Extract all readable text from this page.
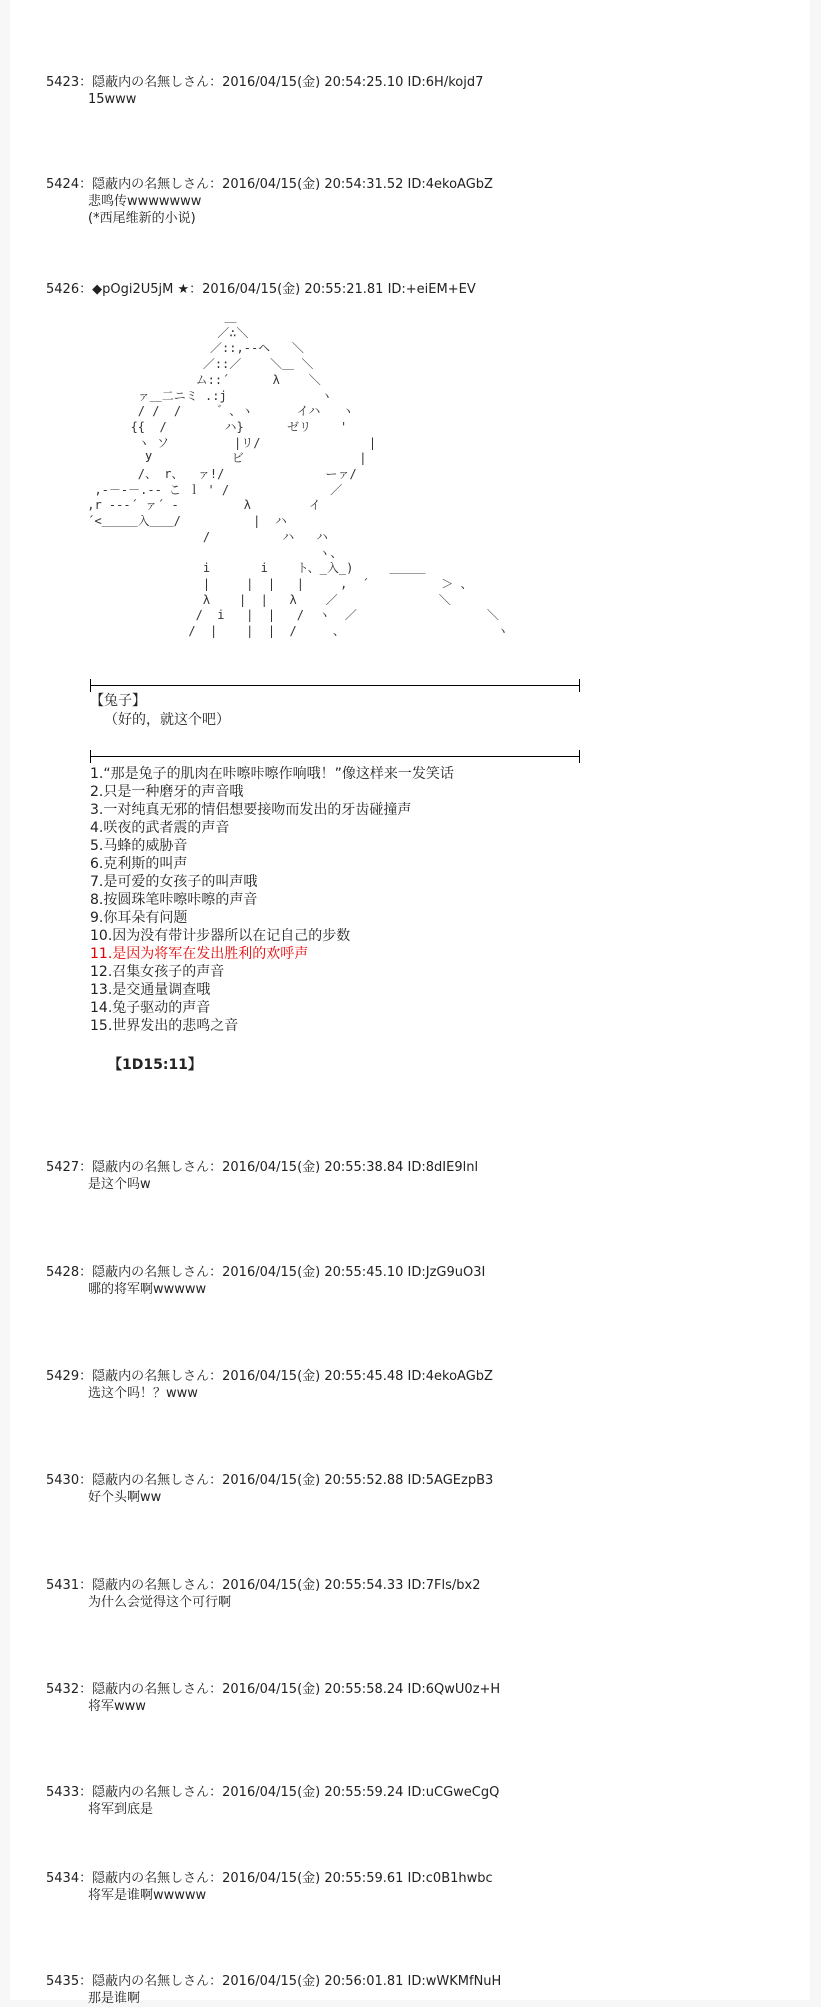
5423：隠蔽内の名無しさん：2016/04/15(金) 20:54:25.10 ID:6H/kojd7
15www
5424：隠蔽内の名無しさん：2016/04/15(金) 20:54:31.52 ID:4ekoAGbZ
悲鸣传wwwwwww
(*西尾维新的小说)
5426：◆pOgi2U5jM ★：2016/04/15(金) 20:55:21.81 ID:+eiEM+EV
＿
／∴＼
／::,--ヘ   ＼
／::／    ＼＿ ＼
ム::´      λ    ＼
ァ＿二ニミ .:j             ヽ
/ /  /     ゛、ヽ      イハ   ヽ
{{  /        ハ}      ゼリ    '
ヽ ソ         |リ/               |
У           ビ                |
/、 r、  ァ!/              ーァ/
,-－-－.-‐ こ ｌ ' /              ／
,r --‐´ ァ´ ‐         λ        イ
´<＿＿＿入＿＿/          |  ハ
/          ハ   ハ
ヽ、
i       i    ト、_入_)     ＿＿＿
|     |  |   |     ,  ´          ＞ 、
λ    |  |   λ    ／              ＼
/  i   |  |   /  ヽ  ／                  ＼
/  |    |  |  /     、                     ヽ
【兔子】
（好的，就这个吧）
1.“那是兔子的肌肉在咔嚓咔嚓作响哦！”像这样来一发笑话
2.只是一种磨牙的声音哦
3.一对纯真无邪的情侣想要接吻而发出的牙齿碰撞声
4.咲夜的武者震的声音
5.马蜂的威胁音
6.克利斯的叫声
7.是可爱的女孩子的叫声哦
8.按圆珠笔咔嚓咔嚓的声音
9.你耳朵有问题
10.因为没有带计步器所以在记自己的步数
11.是因为将军在发出胜利的欢呼声
12.召集女孩子的声音
13.是交通量调查哦
14.兔子驱动的声音
15.世界发出的悲鸣之音
【1D15:11】
5427：隠蔽内の名無しさん：2016/04/15(金) 20:55:38.84 ID:8dIE9lnl
是这个吗w
5428：隠蔽内の名無しさん：2016/04/15(金) 20:55:45.10 ID:JzG9uO3I
哪的将军啊wwwww
5429：隠蔽内の名無しさん：2016/04/15(金) 20:55:45.48 ID:4ekoAGbZ
选这个吗！？www
5430：隠蔽内の名無しさん：2016/04/15(金) 20:55:52.88 ID:5AGEzpB3
好个头啊ww
5431：隠蔽内の名無しさん：2016/04/15(金) 20:55:54.33 ID:7Fls/bx2
为什么会觉得这个可行啊
5432：隠蔽内の名無しさん：2016/04/15(金) 20:55:58.24 ID:6QwU0z+H
将军www
5433：隠蔽内の名無しさん：2016/04/15(金) 20:55:59.24 ID:uCGweCgQ
将军到底是
5434：隠蔽内の名無しさん：2016/04/15(金) 20:55:59.61 ID:c0B1hwbc
将军是谁啊wwwww
5435：隠蔽内の名無しさん：2016/04/15(金) 20:56:01.81 ID:wWKMfNuH
那是谁啊
